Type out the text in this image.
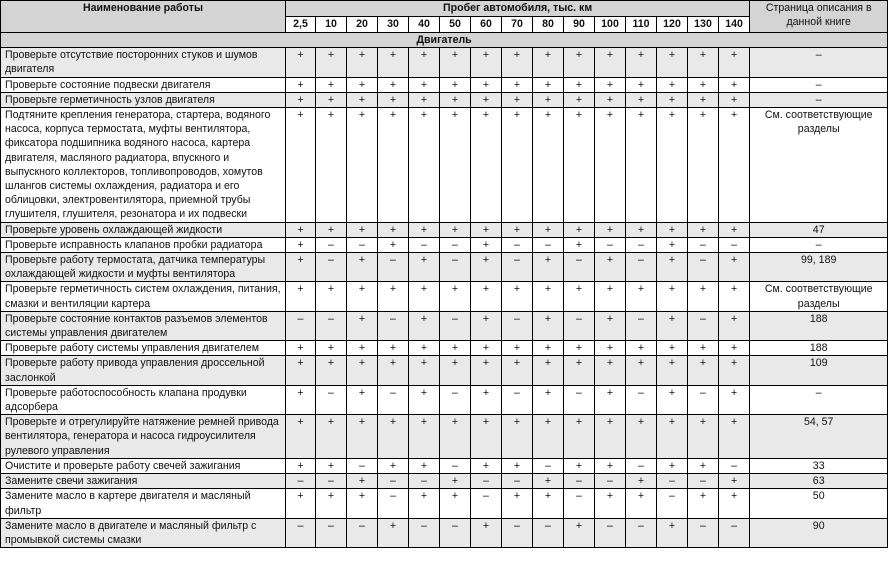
Наименование работы	Пробег автомобиля, тыс. км															Страница описания в данной книге
	2,5	10	20	30	40	50	60	70	80	90	100	110	120	130	140	
Двигатель																
Проверьте отсутствие посторонних стуков и шумов двигателя	+	+	+	+	+	+	+	+	+	+	+	+	+	+	+	–
Проверьте состояние подвески двигателя	+	+	+	+	+	+	+	+	+	+	+	+	+	+	+	–
Проверьте герметичность узлов двигателя	+	+	+	+	+	+	+	+	+	+	+	+	+	+	+	–
Подтяните крепления генератора, стартера, водяного насоса, корпуса термостата, муфты вентилятора, фиксатора подшипника водяного насоса, картера двигателя, масляного радиатора, впускного и выпускного коллекторов, топливопроводов, хомутов шлангов системы охлаждения, радиатора и его облицовки, электровентилятора, приемной трубы глушителя, глушителя, резонатора и их подвески	+	+	+	+	+	+	+	+	+	+	+	+	+	+	+	См. соответствующие разделы
Проверьте уровень охлаждающей жидкости	+	+	+	+	+	+	+	+	+	+	+	+	+	+	+	47
Проверьте исправность клапанов пробки радиатора	+	–	–	+	–	–	+	–	–	+	–	–	+	–	–	–
Проверьте работу термостата, датчика температуры охлаждающей жидкости и муфты вентилятора	+	–	+	–	+	–	+	–	+	–	+	–	+	–	+	99, 189
Проверьте герметичность систем охлаждения, питания, смазки и вентиляции картера	+	+	+	+	+	+	+	+	+	+	+	+	+	+	+	См. соответствующие разделы
Проверьте состояние контактов разъемов элементов системы управления двигателем	–	–	+	–	+	–	+	–	+	–	+	–	+	–	+	188
Проверьте работу системы управления двигателем	+	+	+	+	+	+	+	+	+	+	+	+	+	+	+	188
Проверьте работу привода управления дроссельной заслонкой	+	+	+	+	+	+	+	+	+	+	+	+	+	+	+	109
Проверьте работоспособность клапана продувки адсорбера	+	–	+	–	+	–	+	–	+	–	+	–	+	–	+	–
Проверьте и отрегулируйте натяжение ремней привода вентилятора, генератора и насоса гидроусилителя рулевого управления	+	+	+	+	+	+	+	+	+	+	+	+	+	+	+	54, 57
Очистите и проверьте работу свечей зажигания	+	+	–	+	+	–	+	+	–	+	+	–	+	+	–	33
Замените свечи зажигания	–	–	+	–	–	+	–	–	+	–	–	+	–	–	+	63
Замените масло в картере двигателя и масляный фильтр	+	+	+	–	+	+	–	+	+	–	+	+	–	+	+	50
Замените масло в двигателе и масляный фильтр с промывкой системы смазки	–	–	–	+	–	–	+	–	–	+	–	–	+	–	–	90
